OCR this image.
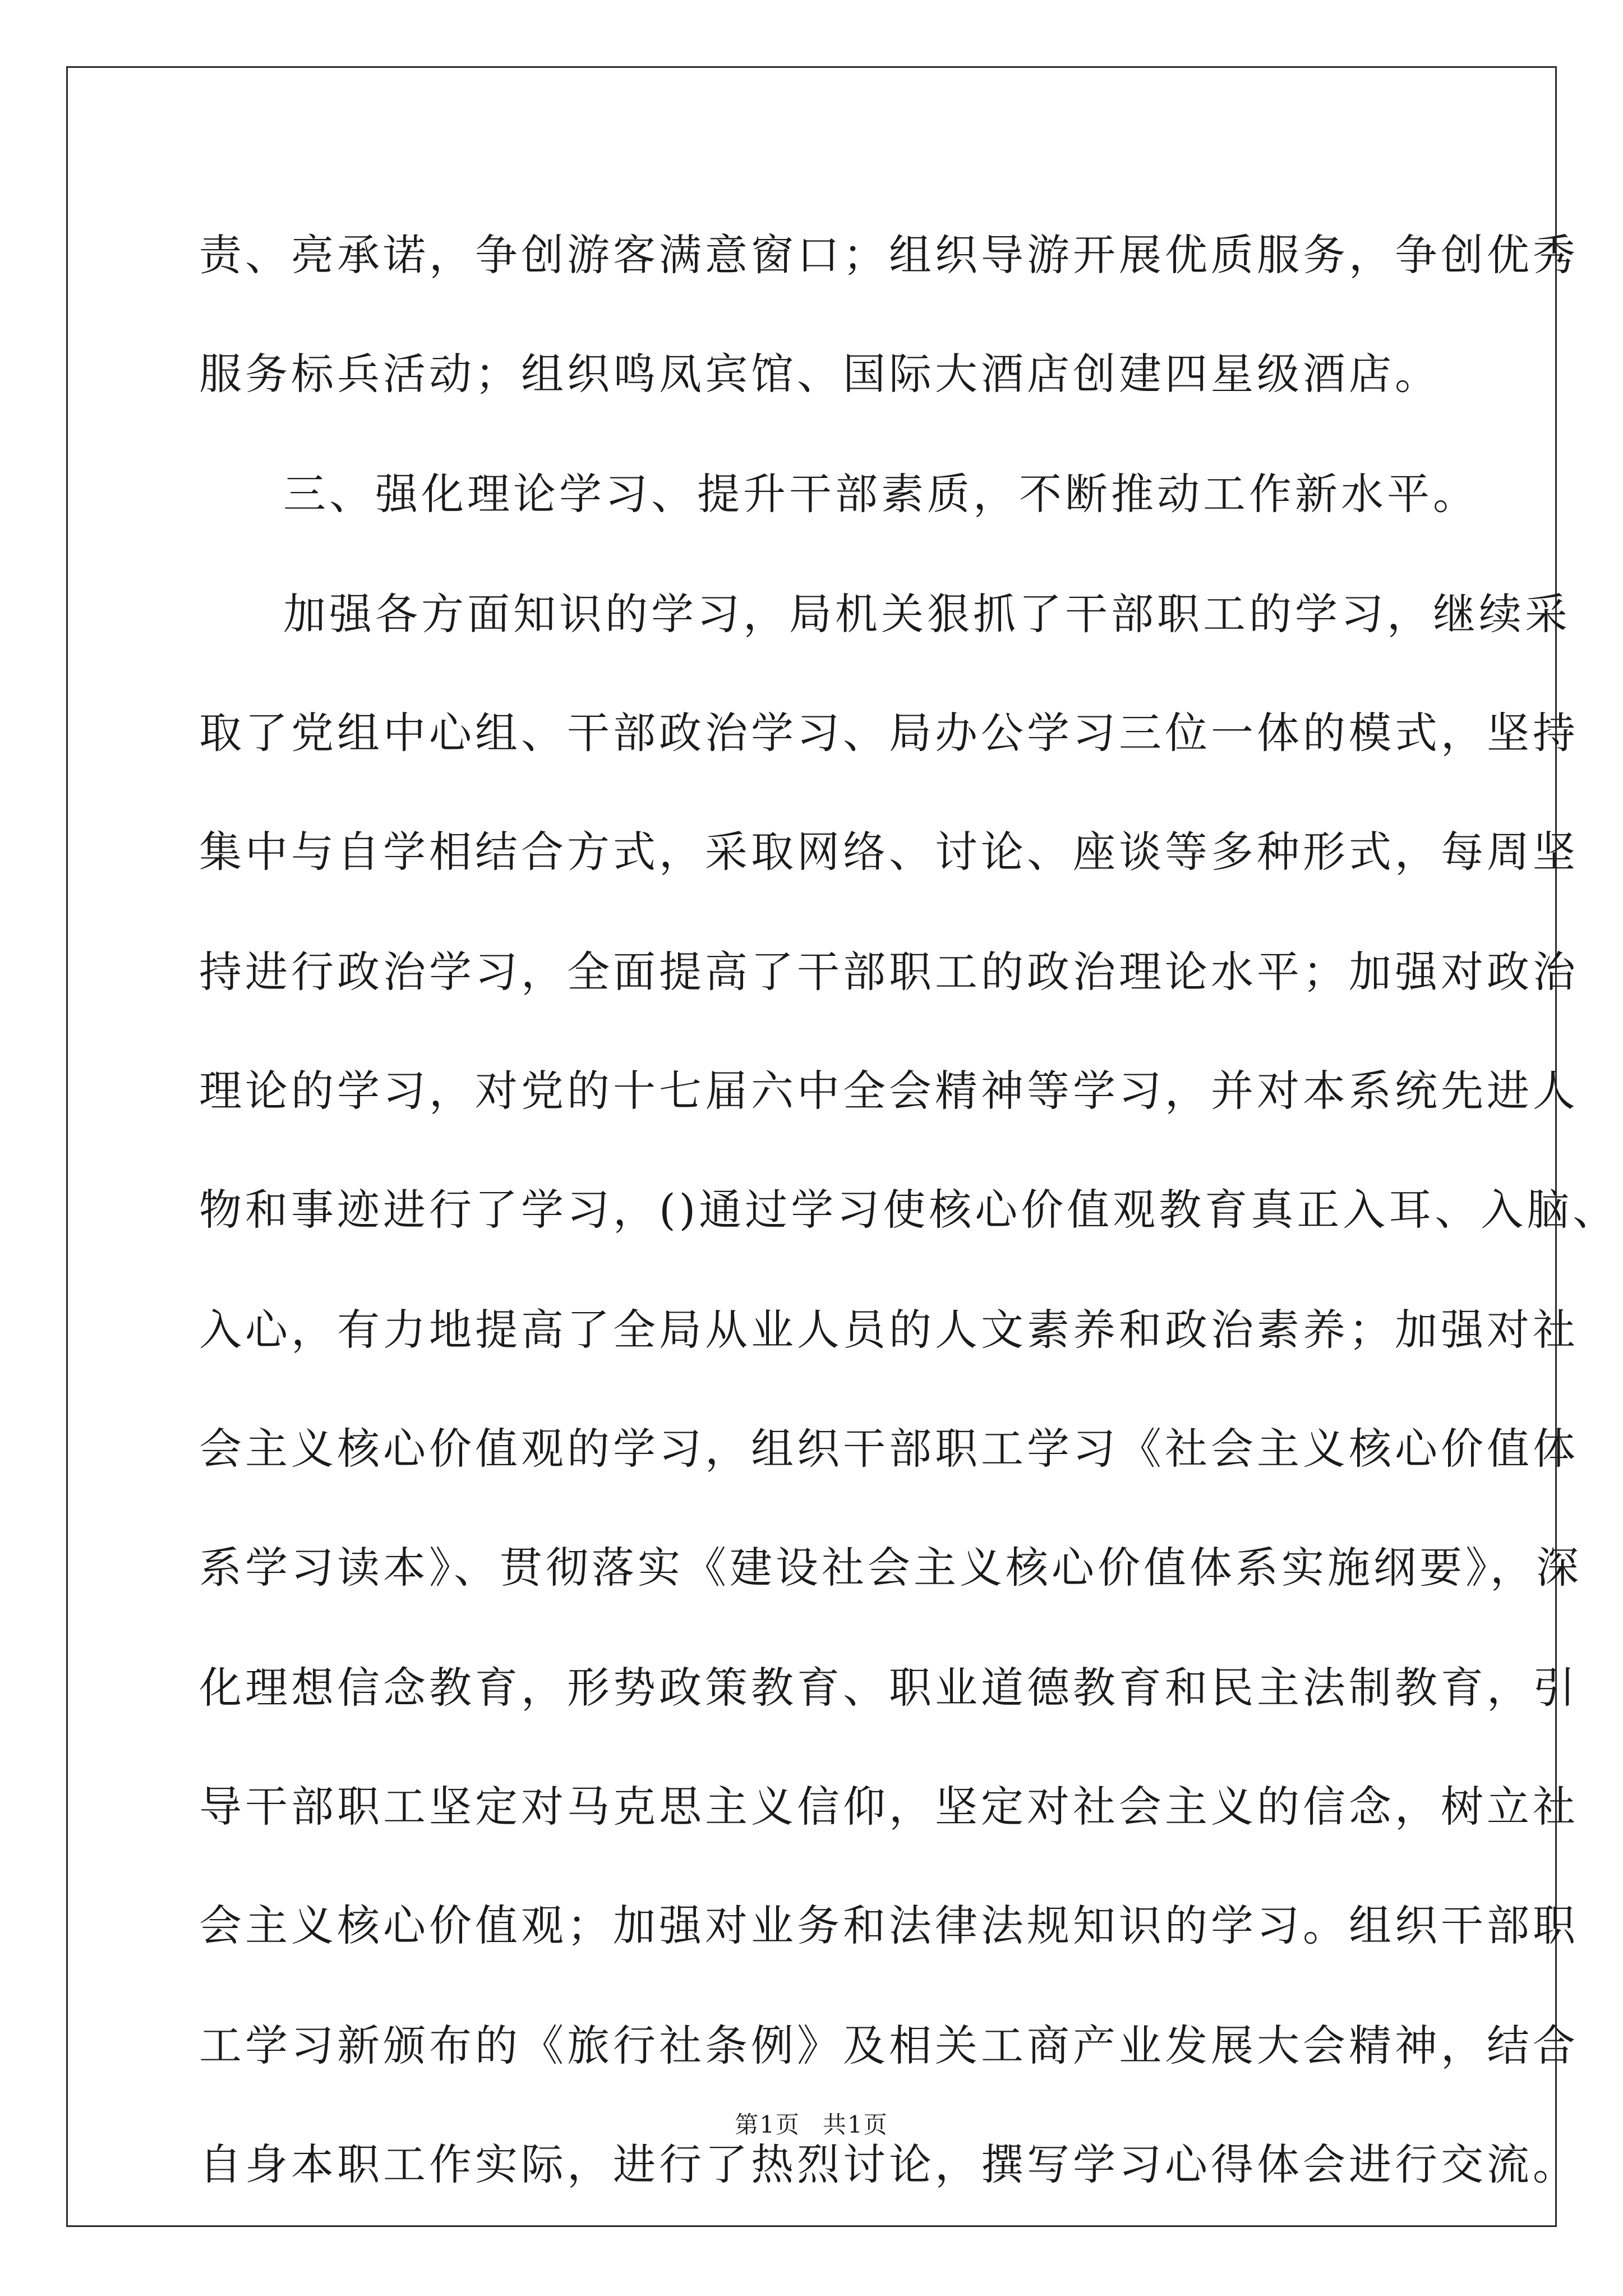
责、亮承诺，争创游客满意窗口；组织导游开展优质服务，争创优秀
服务标兵活动；组织鸣凤宾馆、国际大酒店创建四星级酒店。
三、强化理论学习、提升干部素质，不断推动工作新水平。
加强各方面知识的学习，局机关狠抓了干部职工的学习，继续采
取了党组中心组、干部政治学习、局办公学习三位一体的模式，坚持
集中与自学相结合方式，采取网络、讨论、座谈等多种形式，每周坚
持进行政治学习，全面提高了干部职工的政治理论水平；加强对政治
理论的学习，对党的十七届六中全会精神等学习，并对本系统先进人
物和事迹进行了学习，()通过学习使核心价值观教育真正入耳、入脑、
入心，有力地提高了全局从业人员的人文素养和政治素养；加强对社
会主义核心价值观的学习，组织干部职工学习《社会主义核心价值体
系学习读本》、贯彻落实《建设社会主义核心价值体系实施纲要》，深
化理想信念教育，形势政策教育、职业道德教育和民主法制教育，引
导干部职工坚定对马克思主义信仰，坚定对社会主义的信念，树立社
会主义核心价值观；加强对业务和法律法规知识的学习。组织干部职
工学习新颁布的《旅行社条例》及相关工商产业发展大会精神，结合
自身本职工作实际，进行了热烈讨论，撰写学习心得体会进行交流。
第1页 共1页
